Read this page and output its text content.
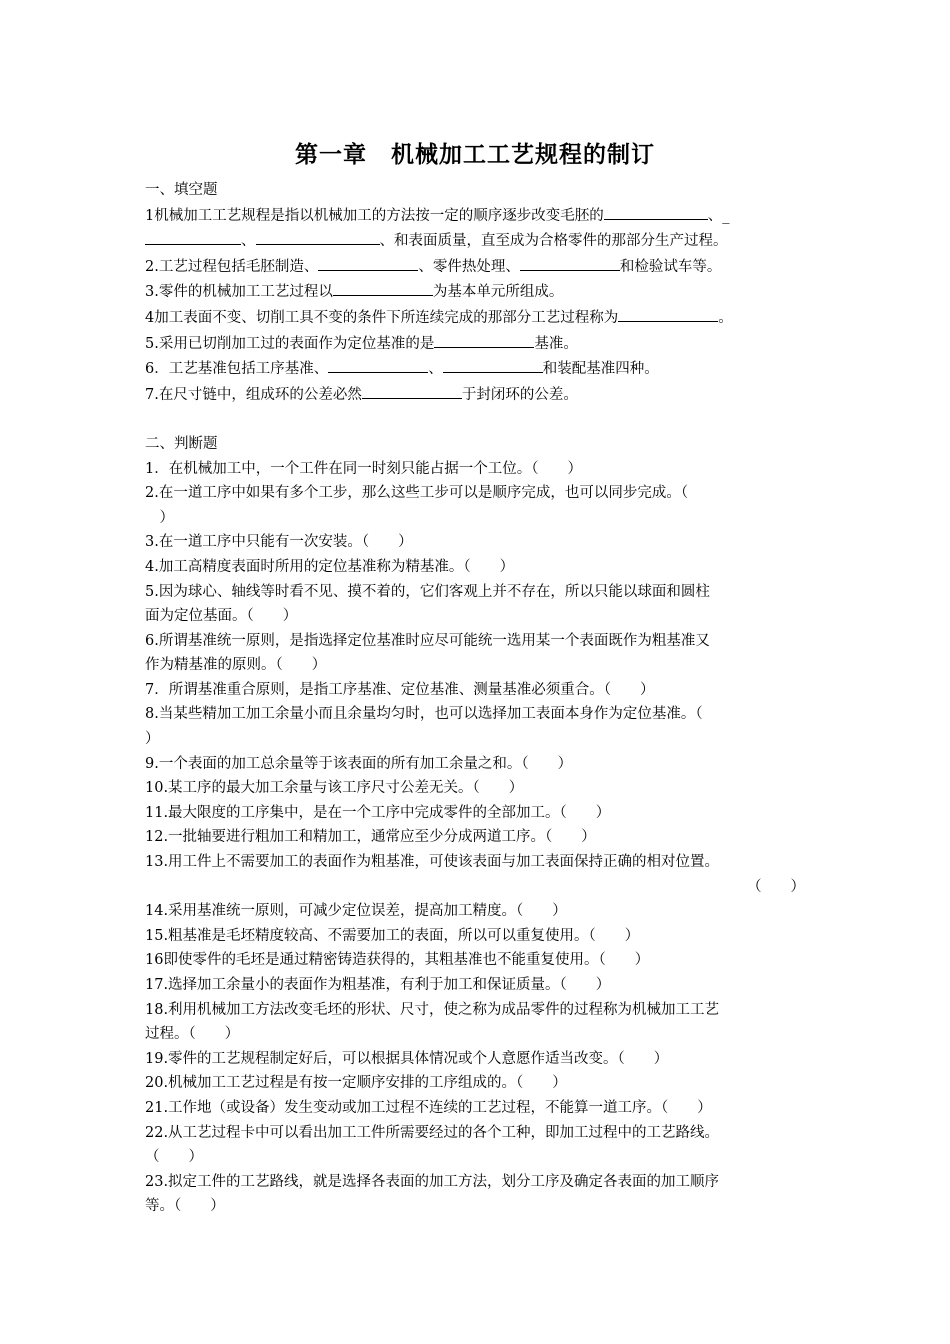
第一章　机械加工工艺规程的制订
一、填空题
1机械加工工艺规程是指以机械加工的方法按一定的顺序逐步改变毛胚的	、_
、	、和表面质量，直至成为合格零件的那部分生产过程。
2.工艺过程包括毛胚制造、	、零件热处理、	和检验试车等。
3.零件的机械加工工艺过程以	为基本单元所组成。
4加工表面不变、切削工具不变的条件下所连续完成的那部分工艺过程称为	。
5.采用已切削加工过的表面作为定位基准的是	基准。
6．工艺基准包括工序基准、	、	和装配基准四种。
7.在尺寸链中，组成环的公差必然	于封闭环的公差。
二、判断题
1．在机械加工中，一个工件在同一时刻只能占据一个工位。（　　）
2.在一道工序中如果有多个工步，那么这些工步可以是顺序完成，也可以同步完成。（
　）
3.在一道工序中只能有一次安装。（　　）
4.加工高精度表面时所用的定位基准称为精基准。（　　）
5.因为球心、轴线等时看不见、摸不着的，它们客观上并不存在，所以只能以球面和圆柱
面为定位基面。（　　）
6.所谓基准统一原则，是指选择定位基准时应尽可能统一选用某一个表面既作为粗基准又
作为精基准的原则。（　　）
7．所谓基准重合原则，是指工序基准、定位基准、测量基准必须重合。（　　）
8.当某些精加工加工余量小而且余量均匀时，也可以选择加工表面本身作为定位基准。（
）
9.一个表面的加工总余量等于该表面的所有加工余量之和。（　　）
10.某工序的最大加工余量与该工序尺寸公差无关。（　　）
11.最大限度的工序集中，是在一个工序中完成零件的全部加工。（　　）
12.一批轴要进行粗加工和精加工，通常应至少分成两道工序。（　　）
13.用工件上不需要加工的表面作为粗基准，可使该表面与加工表面保持正确的相对位置。
（　　）
14.采用基准统一原则，可减少定位误差，提高加工精度。（　　）
15.粗基准是毛坯精度较高、不需要加工的表面，所以可以重复使用。（　　）
16即使零件的毛坯是通过精密铸造获得的，其粗基准也不能重复使用。（　　）
17.选择加工余量小的表面作为粗基准，有利于加工和保证质量。（　　）
18.利用机械加工方法改变毛坯的形状、尺寸，使之称为成品零件的过程称为机械加工工艺
过程。（　　）
19.零件的工艺规程制定好后，可以根据具体情况或个人意愿作适当改变。（　　）
20.机械加工工艺过程是有按一定顺序安排的工序组成的。（　　）
21.工作地（或设备）发生变动或加工过程不连续的工艺过程，不能算一道工序。（　　）
22.从工艺过程卡中可以看出加工工件所需要经过的各个工种，即加工过程中的工艺路线。
（　　）
23.拟定工件的工艺路线，就是选择各表面的加工方法，划分工序及确定各表面的加工顺序
等。（　　）
